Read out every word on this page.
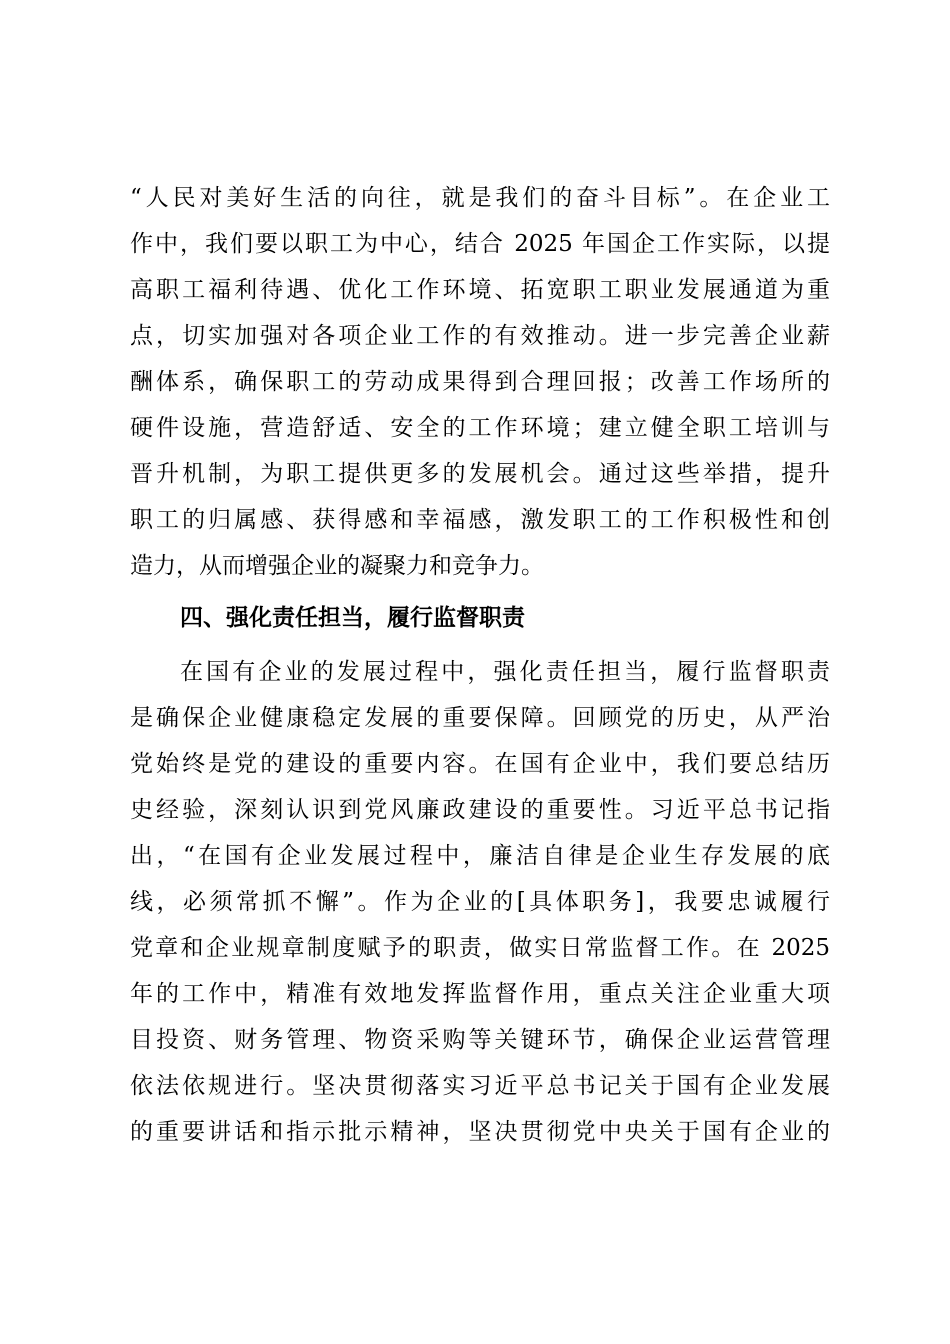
“人民对美好生活的向往，就是我们的奋斗目标”。在企业工
作中，我们要以职工为中心，结合 2025 年国企工作实际，以提
高职工福利待遇、优化工作环境、拓宽职工职业发展通道为重
点，切实加强对各项企业工作的有效推动。进一步完善企业薪
酬体系，确保职工的劳动成果得到合理回报；改善工作场所的
硬件设施，营造舒适、安全的工作环境；建立健全职工培训与
晋升机制，为职工提供更多的发展机会。通过这些举措，提升
职工的归属感、获得感和幸福感，激发职工的工作积极性和创
造力，从而增强企业的凝聚力和竞争力。
四、强化责任担当，履行监督职责
在国有企业的发展过程中，强化责任担当，履行监督职责
是确保企业健康稳定发展的重要保障。回顾党的历史，从严治
党始终是党的建设的重要内容。在国有企业中，我们要总结历
史经验，深刻认识到党风廉政建设的重要性。习近平总书记指
出，“在国有企业发展过程中，廉洁自律是企业生存发展的底
线，必须常抓不懈”。作为企业的[具体职务]，我要忠诚履行
党章和企业规章制度赋予的职责，做实日常监督工作。在 2025
年的工作中，精准有效地发挥监督作用，重点关注企业重大项
目投资、财务管理、物资采购等关键环节，确保企业运营管理
依法依规进行。坚决贯彻落实习近平总书记关于国有企业发展
的重要讲话和指示批示精神，坚决贯彻党中央关于国有企业的
